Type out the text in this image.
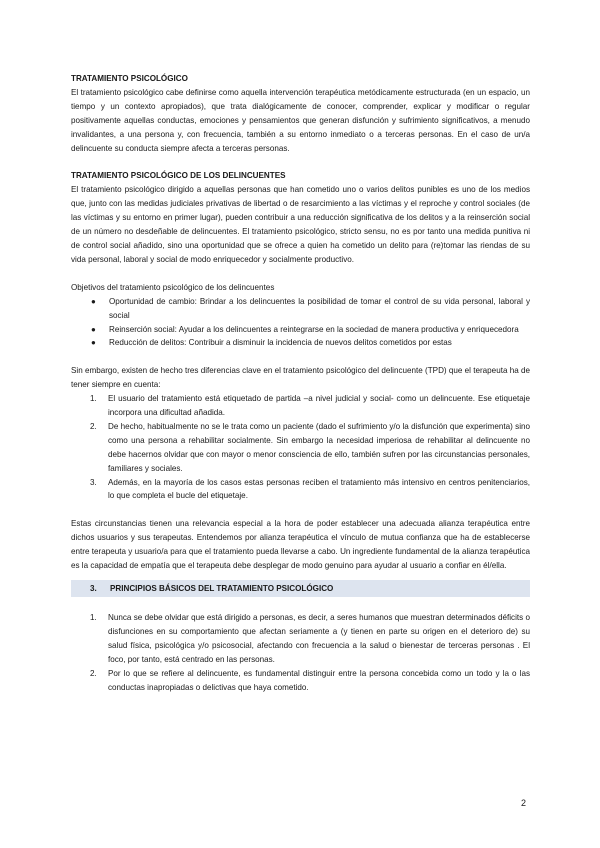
TRATAMIENTO PSICOLÓGICO

El tratamiento psicológico cabe definirse como aquella intervención terapéutica metódicamente estructurada (en un espacio, un tiempo y un contexto apropiados), que trata dialógicamente de conocer, comprender, explicar y modificar o regular positivamente aquellas conductas, emociones y pensamientos que generan disfunción y sufrimiento significativos, a menudo invalidantes, a una persona y, con frecuencia, también a su entorno inmediato o a terceras personas. En el caso de un/a delincuente su conducta siempre afecta a terceras personas.

TRATAMIENTO PSICOLÓGICO DE LOS DELINCUENTES

El tratamiento psicológico dirigido a aquellas personas que han cometido uno o varios delitos punibles es uno de los medios que, junto con las medidas judiciales privativas de libertad o de resarcimiento a las víctimas y el reproche y control sociales (de las víctimas y su entorno en primer lugar), pueden contribuir a una reducción significativa de los delitos y a la reinserción social de un número no desdeñable de delincuentes. El tratamiento psicológico, stricto sensu, no es por tanto una medida punitiva ni de control social añadido, sino una oportunidad que se ofrece a quien ha cometido un delito para (re)tomar las riendas de su vida personal, laboral y social de modo enriquecedor y socialmente productivo.

Objetivos del tratamiento psicológico de los delincuentes

● Oportunidad de cambio: Brindar a los delincuentes la posibilidad de tomar el control de su vida personal, laboral y social
● Reinserción social: Ayudar a los delincuentes a reintegrarse en la sociedad de manera productiva y enriquecedora
● Reducción de delitos: Contribuir a disminuir la incidencia de nuevos delitos cometidos por estas

Sin embargo, existen de hecho tres diferencias clave en el tratamiento psicológico del delincuente (TPD) que el terapeuta ha de tener siempre en cuenta:

1. El usuario del tratamiento está etiquetado de partida –a nivel judicial y social- como un delincuente. Ese etiquetaje incorpora una dificultad añadida.
2. De hecho, habitualmente no se le trata como un paciente (dado el sufrimiento y/o la disfunción que experimenta) sino como una persona a rehabilitar socialmente. Sin embargo la necesidad imperiosa de rehabilitar al delincuente no debe hacernos olvidar que con mayor o menor consciencia de ello, también sufren por las circunstancias personales, familiares y sociales.
3. Además, en la mayoría de los casos estas personas reciben el tratamiento más intensivo en centros penitenciarios, lo que completa el bucle del etiquetaje.

Estas circunstancias tienen una relevancia especial a la hora de poder establecer una adecuada alianza terapéutica entre dichos usuarios y sus terapeutas. Entendemos por alianza terapéutica el vínculo de mutua confianza que ha de establecerse entre terapeuta y usuario/a para que el tratamiento pueda llevarse a cabo. Un ingrediente fundamental de la alianza terapéutica es la capacidad de empatía que el terapeuta debe desplegar de modo genuino para ayudar al usuario a confiar en él/ella.

3. PRINCIPIOS BÁSICOS DEL TRATAMIENTO PSICOLÓGICO
1. Nunca se debe olvidar que está dirigido a personas, es decir, a seres humanos que muestran determinados déficits o disfunciones en su comportamiento que afectan seriamente a (y tienen en parte su origen en el deterioro de) su salud física, psicológica y/o psicosocial, afectando con frecuencia a la salud o bienestar de terceras personas . El foco, por tanto, está centrado en las personas.
2. Por lo que se refiere al delincuente, es fundamental distinguir entre la persona concebida como un todo y la o las conductas inapropiadas o delictivas que haya cometido.
2
